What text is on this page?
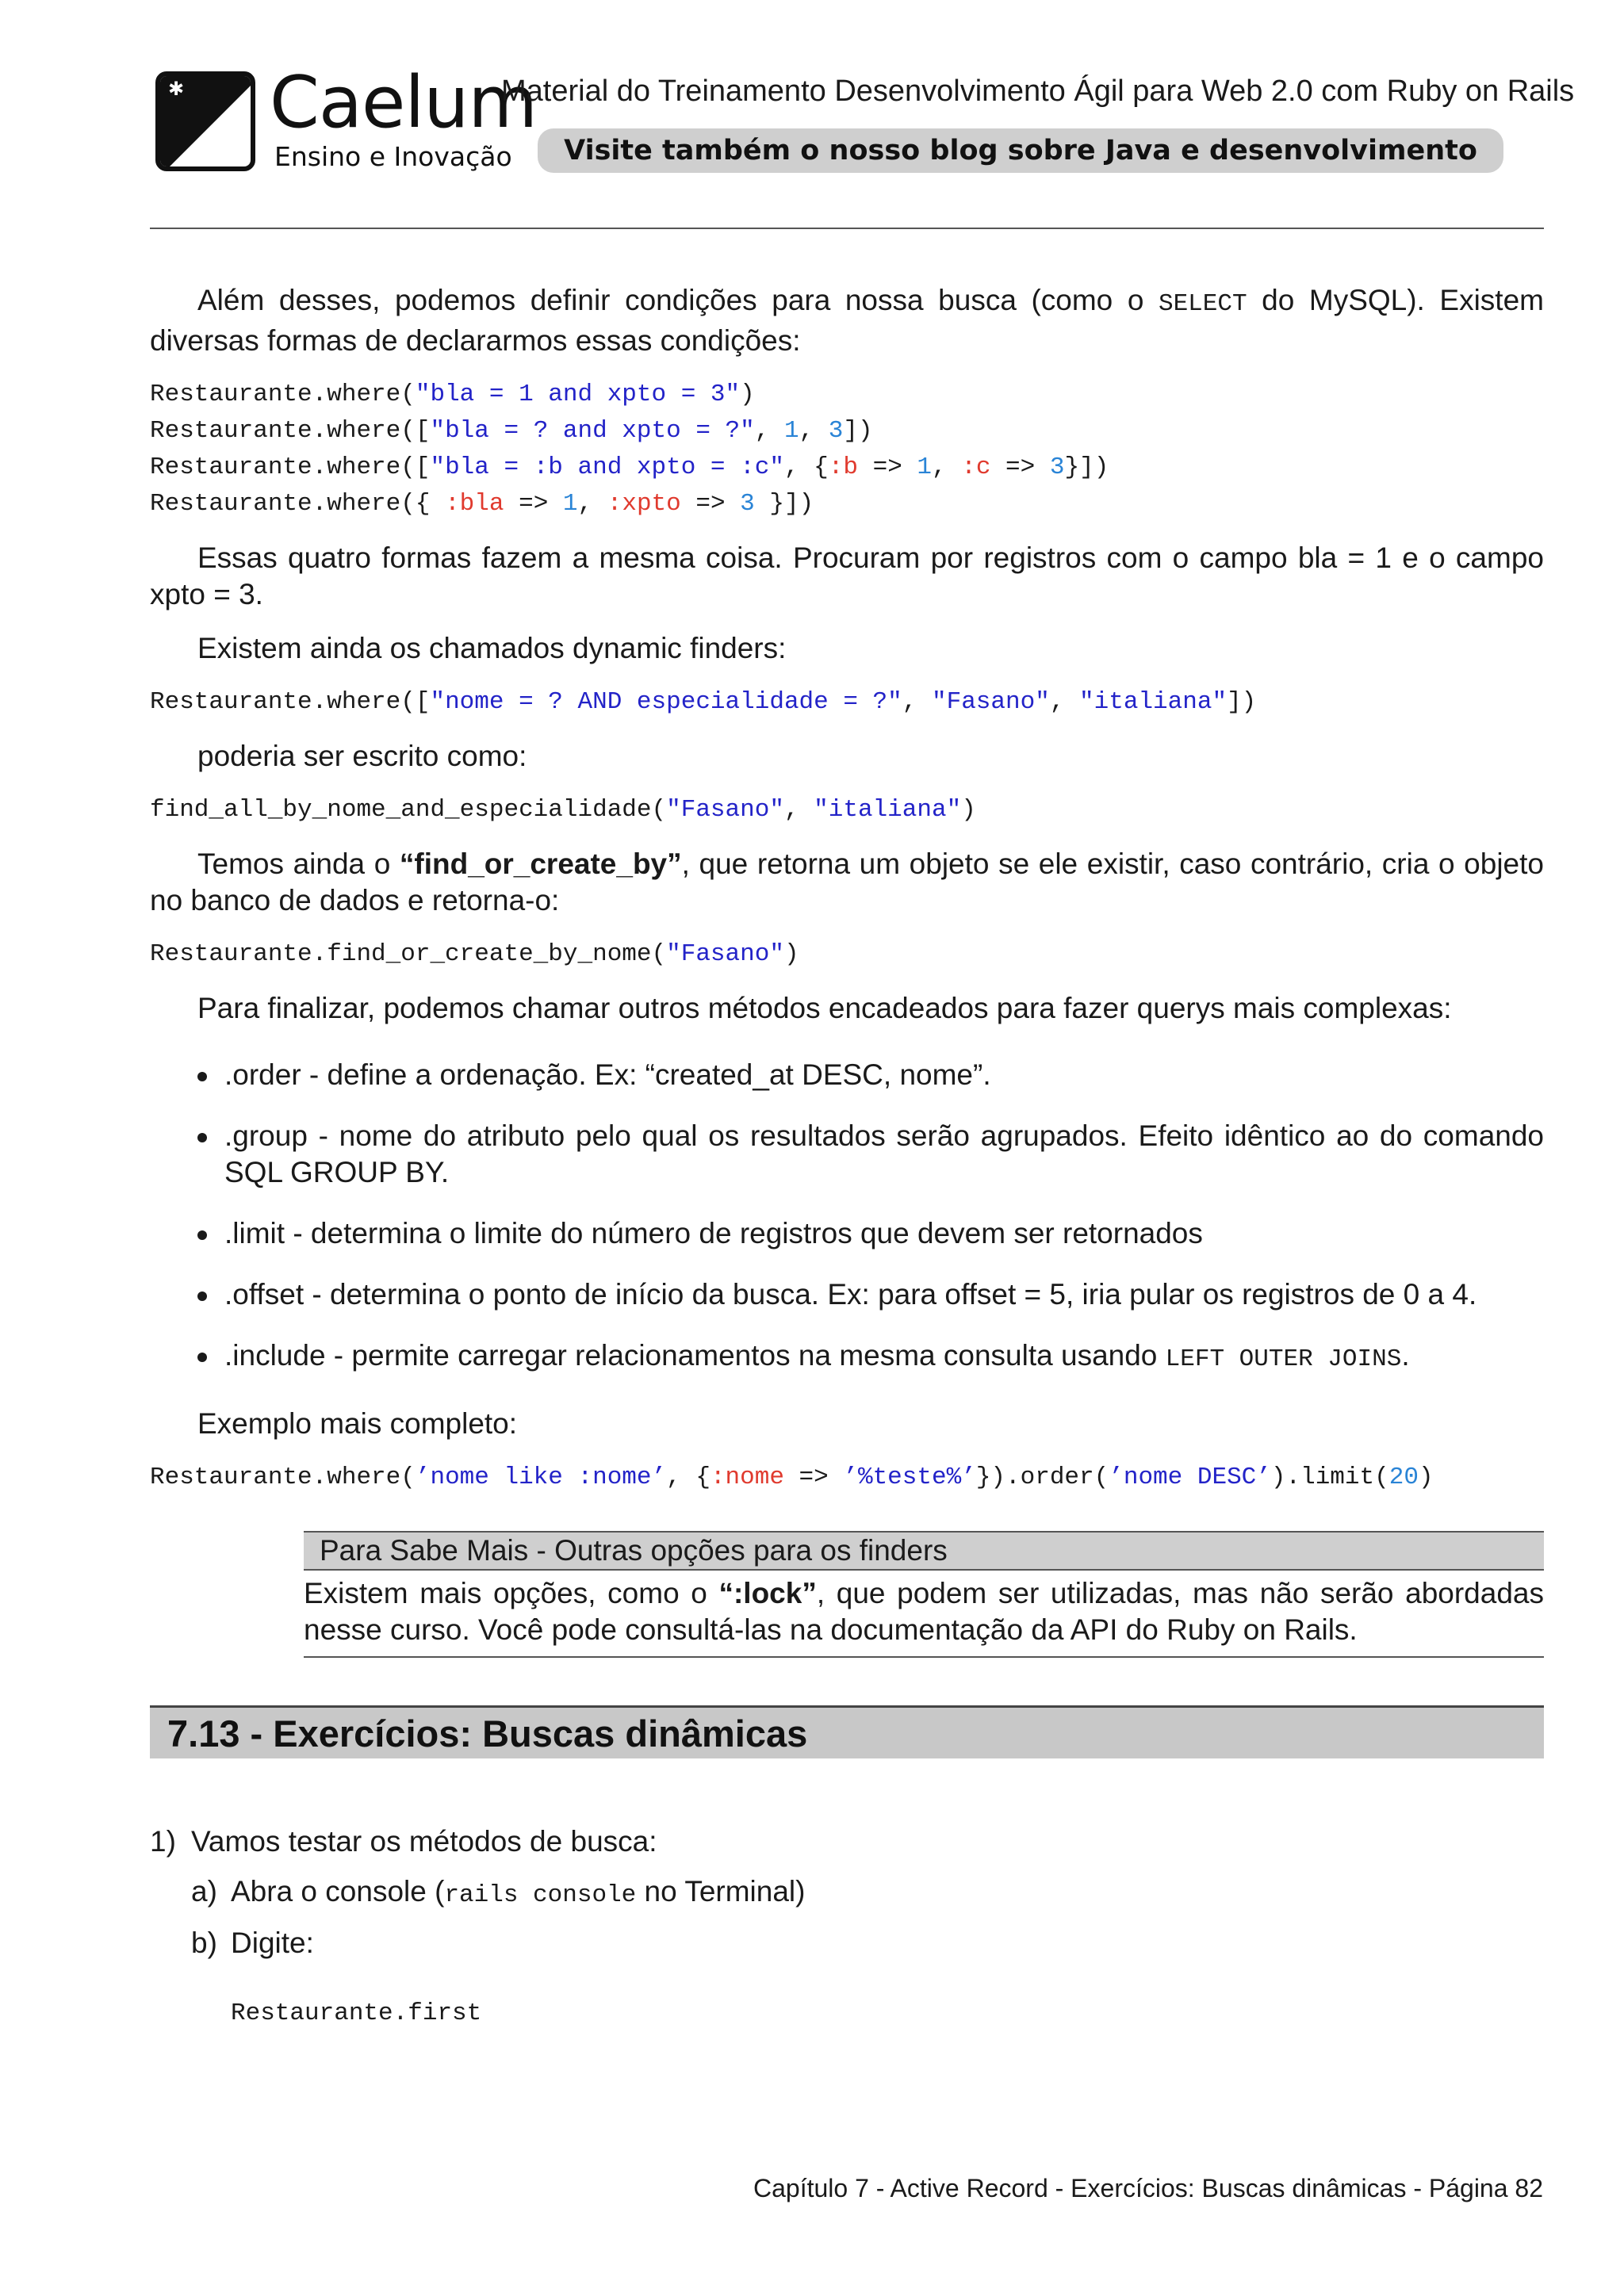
✱ Caelum
Ensino e Inovação
Material do Treinamento Desenvolvimento Ágil para Web 2.0 com Ruby on Rails
Visite também o nosso blog sobre Java e desenvolvimento

Além desses, podemos definir condições para nossa busca (como o SELECT do MySQL). Existem diversas formas de declararmos essas condições:

Restaurante.where("bla = 1 and xpto = 3")
Restaurante.where(["bla = ? and xpto = ?", 1, 3])
Restaurante.where(["bla = :b and xpto = :c", {:b => 1, :c => 3}])
Restaurante.where({ :bla => 1, :xpto => 3 }])

Essas quatro formas fazem a mesma coisa. Procuram por registros com o campo bla = 1 e o campo xpto = 3.

Existem ainda os chamados dynamic finders:

Restaurante.where(["nome = ? AND especialidade = ?", "Fasano", "italiana"])

poderia ser escrito como:

find_all_by_nome_and_especialidade("Fasano", "italiana")

Temos ainda o “find_or_create_by”, que retorna um objeto se ele existir, caso contrário, cria o objeto no banco de dados e retorna-o:

Restaurante.find_or_create_by_nome("Fasano")

Para finalizar, podemos chamar outros métodos encadeados para fazer querys mais complexas:

.order - define a ordenação. Ex: “created_at DESC, nome”.
.group - nome do atributo pelo qual os resultados serão agrupados. Efeito idêntico ao do comando SQL GROUP BY.
.limit - determina o limite do número de registros que devem ser retornados
.offset - determina o ponto de início da busca. Ex: para offset = 5, iria pular os registros de 0 a 4.
.include - permite carregar relacionamentos na mesma consulta usando LEFT OUTER JOINS.

Exemplo mais completo:

Restaurante.where(’nome like :nome’, {:nome => ’%teste%’}).order(’nome DESC’).limit(20)
Para Sabe Mais - Outras opções para os finders
Existem mais opções, como o “:lock”, que podem ser utilizadas, mas não serão abordadas nesse curso. Você pode consultá-las na documentação da API do Ruby on Rails.
7.13 - Exercícios: Buscas dinâmicas
1) Vamos testar os métodos de busca:
a) Abra o console (rails console no Terminal)
b) Digite:
Restaurante.first
Capítulo 7 - Active Record - Exercícios: Buscas dinâmicas - Página 82
